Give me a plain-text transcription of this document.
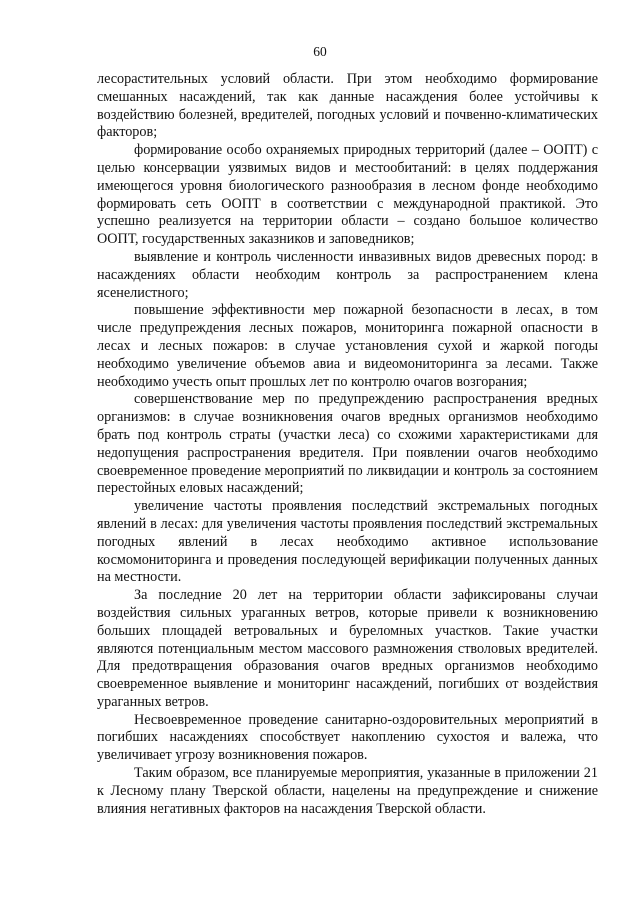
60

лесорастительных условий области. При этом необходимо формирование смешанных насаждений, так как данные насаждения более устойчивы к воздействию болезней, вредителей, погодных условий и почвенно-климатических факторов;

формирование особо охраняемых природных территорий (далее – ООПТ) с целью консервации уязвимых видов и местообитаний: в целях поддержания имеющегося уровня биологического разнообразия в лесном фонде необходимо формировать сеть ООПТ в соответствии с международной практикой. Это успешно реализуется на территории области – создано большое количество ООПТ, государственных заказников и заповедников;

выявление и контроль численности инвазивных видов древесных пород: в насаждениях области необходим контроль за распространением клена ясенелистного;

повышение эффективности мер пожарной безопасности в лесах, в том числе предупреждения лесных пожаров, мониторинга пожарной опасности в лесах и лесных пожаров: в случае установления сухой и жаркой погоды необходимо увеличение объемов авиа и видеомониторинга за лесами. Также необходимо учесть опыт прошлых лет по контролю очагов возгорания;

совершенствование мер по предупреждению распространения вредных организмов: в случае возникновения очагов вредных организмов необходимо брать под контроль страты (участки леса) со схожими характеристиками для недопущения распространения вредителя. При появлении очагов необходимо своевременное проведение мероприятий по ликвидации и контроль за состоянием перестойных еловых насаждений;

увеличение частоты проявления последствий экстремальных погодных явлений в лесах: для увеличения частоты проявления последствий экстремальных погодных явлений в лесах необходимо активное использование космомониторинга и проведения последующей верификации полученных данных на местности.

За последние 20 лет на территории области зафиксированы случаи воздействия сильных ураганных ветров, которые привели к возникновению больших площадей ветровальных и буреломных участков. Такие участки являются потенциальным местом массового размножения стволовых вредителей. Для предотвращения образования очагов вредных организмов необходимо своевременное выявление и мониторинг насаждений, погибших от воздействия ураганных ветров.

Несвоевременное проведение санитарно-оздоровительных мероприятий в погибших насаждениях способствует накоплению сухостоя и валежа, что увеличивает угрозу возникновения пожаров.

Таким образом, все планируемые мероприятия, указанные в приложении 21 к Лесному плану Тверской области, нацелены на предупреждение и снижение влияния негативных факторов на насаждения Тверской области.
